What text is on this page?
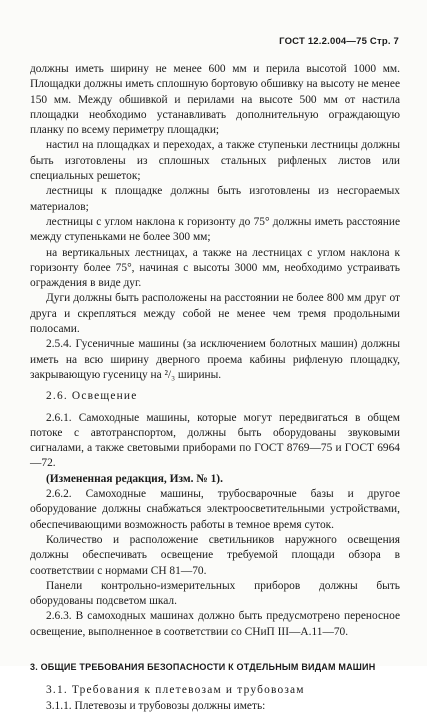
ГОСТ 12.2.004—75 Стр. 7

должны иметь ширину не менее 600 мм и перила высотой 1000 мм. Площадки должны иметь сплошную бортовую обшивку на высоту не менее 150 мм. Между обшивкой и перилами на высоте 500 мм от настила площадки необходимо устанавливать дополнительную ограждающую планку по всему периметру площадки;

настил на площадках и переходах, а также ступеньки лестницы должны быть изготовлены из сплошных стальных рифленых листов или специальных решеток;

лестницы к площадке должны быть изготовлены из несгораемых материалов;

лестницы с углом наклона к горизонту до 75° должны иметь расстояние между ступеньками не более 300 мм;

на вертикальных лестницах, а также на лестницах с углом наклона к горизонту более 75°, начиная с высоты 3000 мм, необходимо устраивать ограждения в виде дуг.

Дуги должны быть расположены на расстоянии не более 800 мм друг от друга и скрепляться между собой не менее чем тремя продольными полосами.

2.5.4. Гусеничные машины (за исключением болотных машин) должны иметь на всю ширину дверного проема кабины рифленую площадку, закрывающую гусеницу на ²/₃ ширины.

2.6. Освещение

2.6.1. Самоходные машины, которые могут передвигаться в общем потоке с автотранспортом, должны быть оборудованы звуковыми сигналами, а также световыми приборами по ГОСТ 8769—75 и ГОСТ 6964—72.

(Измененная редакция, Изм. № 1).

2.6.2. Самоходные машины, трубосварочные базы и другое оборудование должны снабжаться электроосветительными устройствами, обеспечивающими возможность работы в темное время суток.

Количество и расположение светильников наружного освещения должны обеспечивать освещение требуемой площади обзора в соответствии с нормами СН 81—70.

Панели контрольно-измерительных приборов должны быть оборудованы подсветом шкал.

2.6.3. В самоходных машинах должно быть предусмотрено переносное освещение, выполненное в соответствии со СНиП III—А.11—70.

3. ОБЩИЕ ТРЕБОВАНИЯ БЕЗОПАСНОСТИ К ОТДЕЛЬНЫМ ВИДАМ МАШИН

3.1. Требования к плетевозам и трубовозам

3.1.1. Плетевозы и трубовозы должны иметь:
